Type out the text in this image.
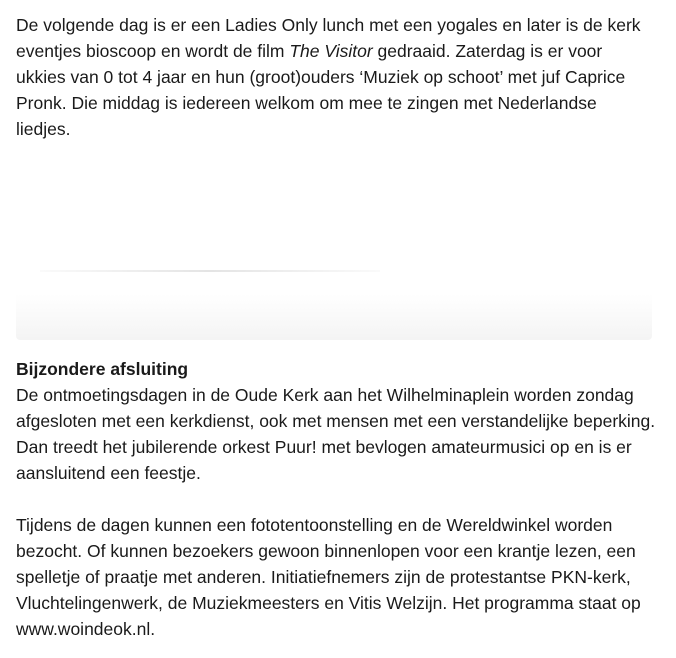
De volgende dag is er een Ladies Only lunch met een yogales en later is de kerk eventjes bioscoop en wordt de film The Visitor gedraaid. Zaterdag is er voor ukkies van 0 tot 4 jaar en hun (groot)ouders ‘Muziek op schoot’ met juf Caprice Pronk. Die middag is iedereen welkom om mee te zingen met Nederlandse liedjes.

Bijzondere afsluiting

De ontmoetingsdagen in de Oude Kerk aan het Wilhelminaplein worden zondag afgesloten met een kerkdienst, ook met mensen met een verstandelijke beperking. Dan treedt het jubilerende orkest Puur! met bevlogen amateurmusici op en is er aansluitend een feestje.

Tijdens de dagen kunnen een fototentoonstelling en de Wereldwinkel worden bezocht. Of kunnen bezoekers gewoon binnenlopen voor een krantje lezen, een spelletje of praatje met anderen. Initiatiefnemers zijn de protestantse PKN-kerk, Vluchtelingenwerk, de Muziekmeesters en Vitis Welzijn. Het programma staat op www.woindeok.nl.
